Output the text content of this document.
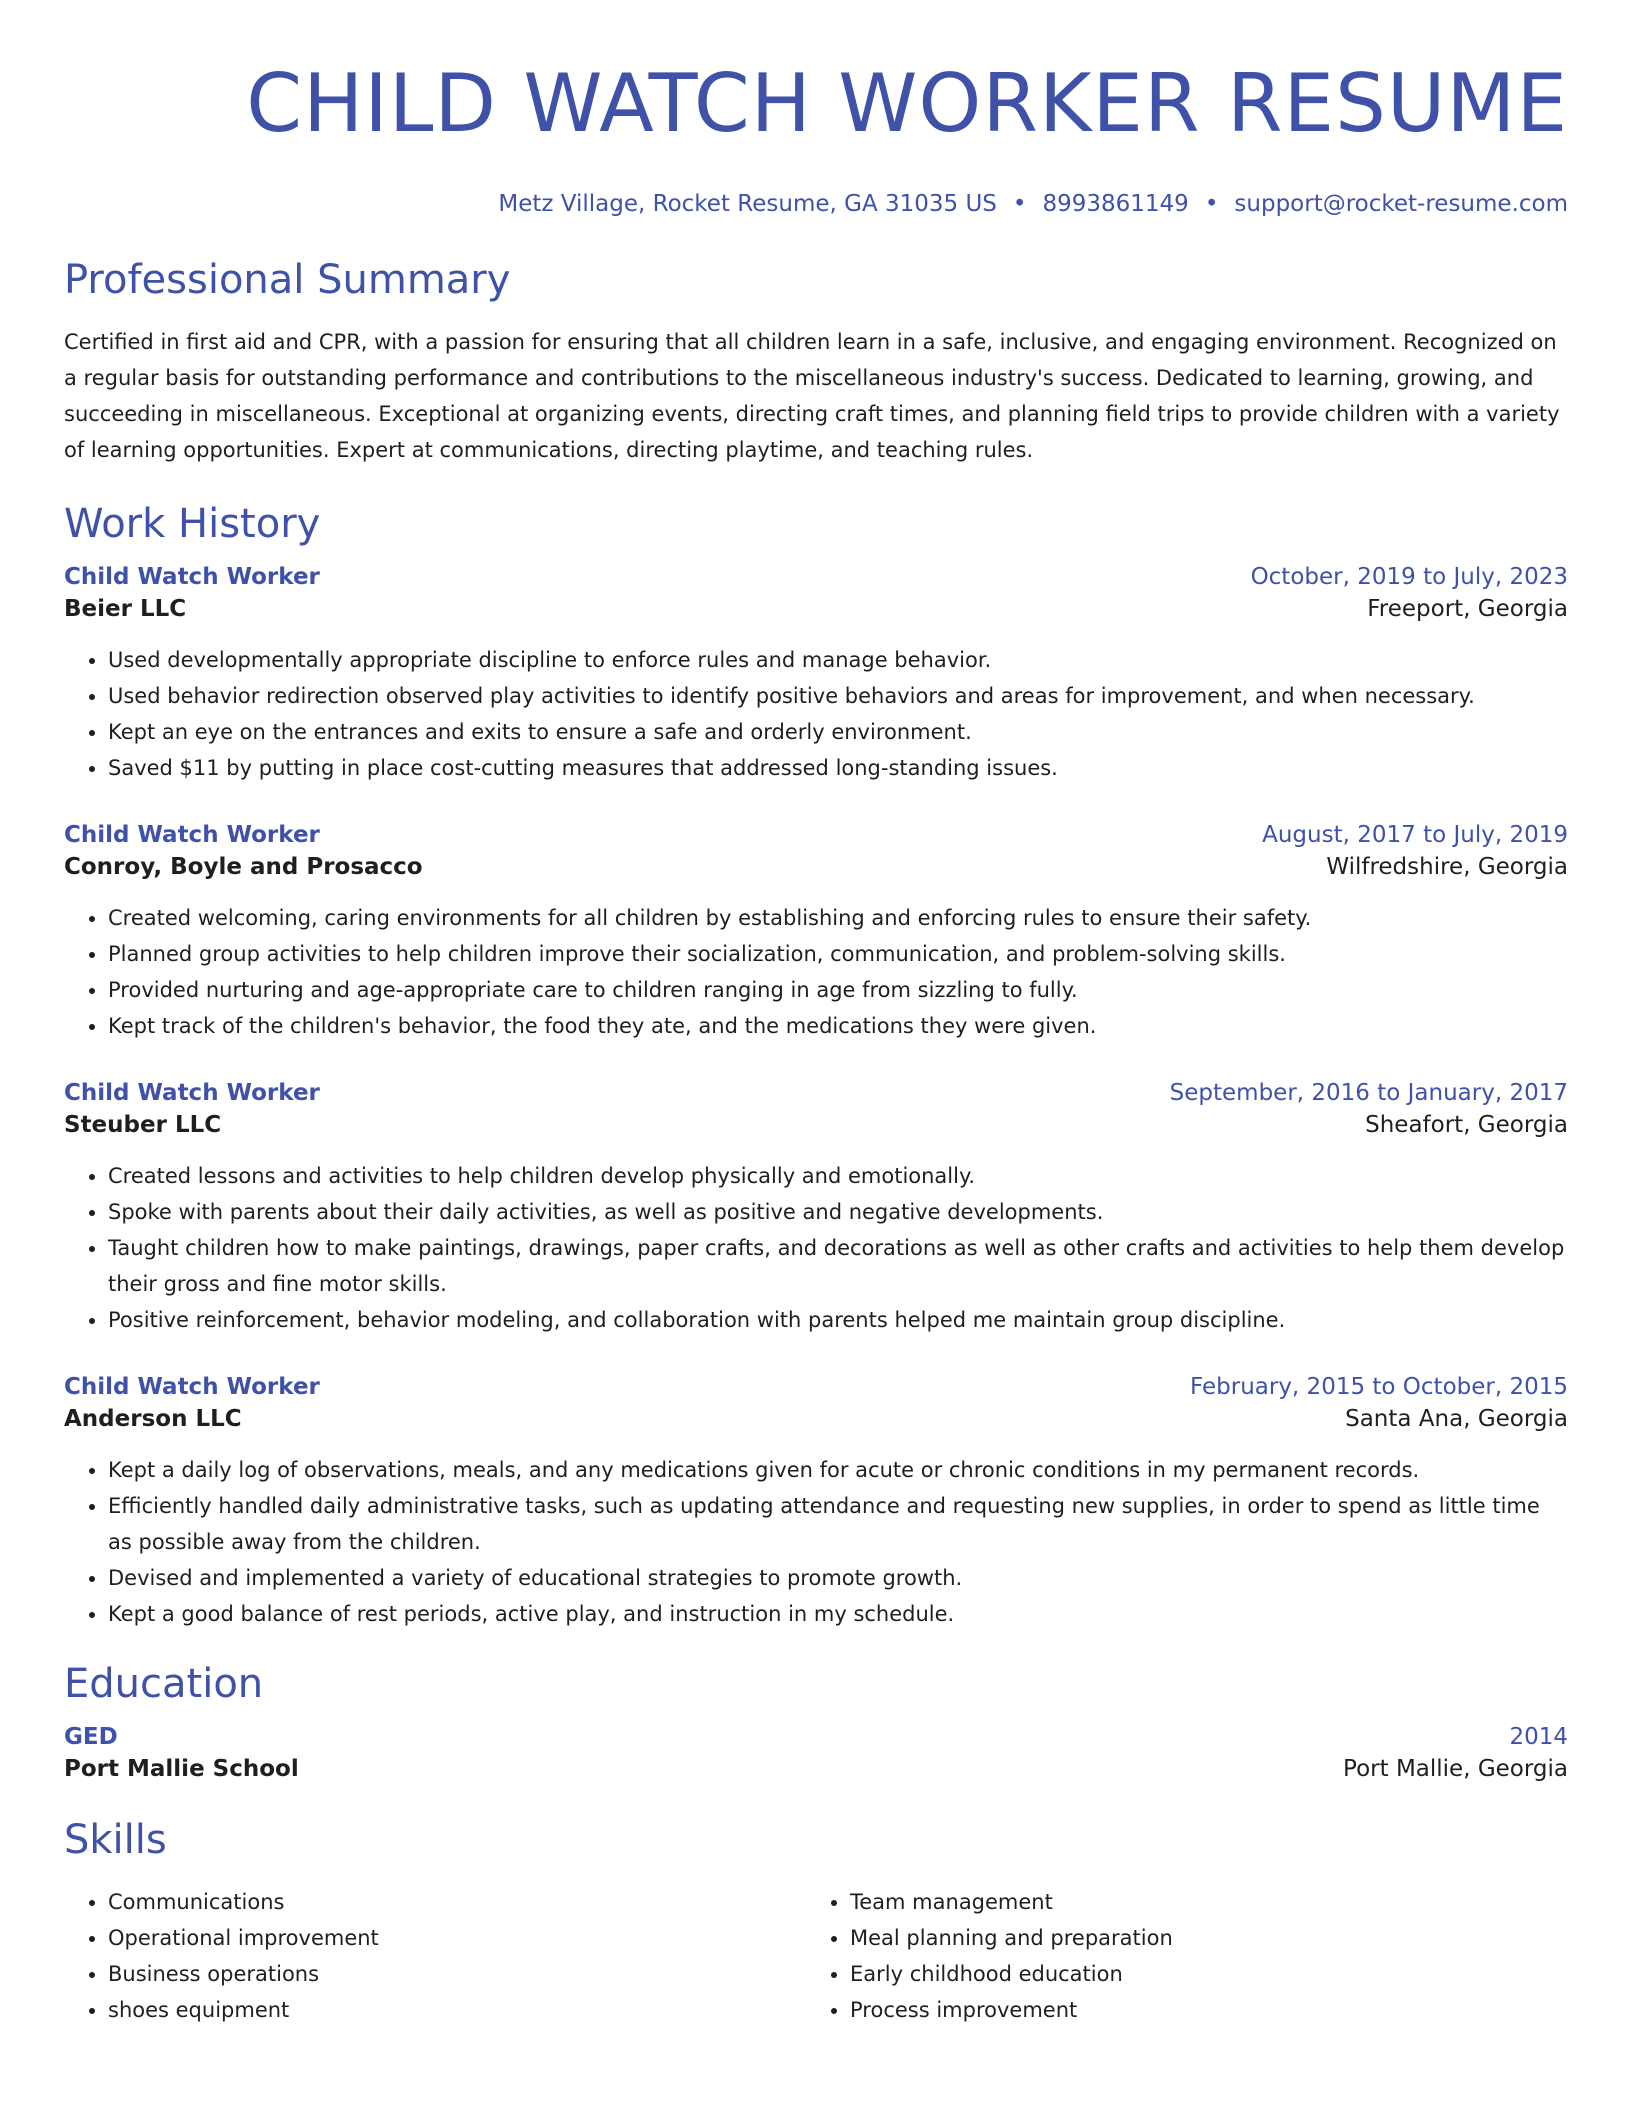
CHILD WATCH WORKER RESUME
Metz Village, Rocket Resume, GA 31035 US • 8993861149 • support@rocket-resume.com
Professional Summary
Certified in first aid and CPR, with a passion for ensuring that all children learn in a safe, inclusive, and engaging environment. Recognized on a regular basis for outstanding performance and contributions to the miscellaneous industry's success. Dedicated to learning, growing, and succeeding in miscellaneous. Exceptional at organizing events, directing craft times, and planning field trips to provide children with a variety of learning opportunities. Expert at communications, directing playtime, and teaching rules.
Work History
Child Watch Worker	October, 2019 to July, 2023
Beier LLC	Freeport, Georgia
• Used developmentally appropriate discipline to enforce rules and manage behavior.
• Used behavior redirection observed play activities to identify positive behaviors and areas for improvement, and when necessary.
• Kept an eye on the entrances and exits to ensure a safe and orderly environment.
• Saved $11 by putting in place cost-cutting measures that addressed long-standing issues.
Child Watch Worker	August, 2017 to July, 2019
Conroy, Boyle and Prosacco	Wilfredshire, Georgia
• Created welcoming, caring environments for all children by establishing and enforcing rules to ensure their safety.
• Planned group activities to help children improve their socialization, communication, and problem-solving skills.
• Provided nurturing and age-appropriate care to children ranging in age from sizzling to fully.
• Kept track of the children's behavior, the food they ate, and the medications they were given.
Child Watch Worker	September, 2016 to January, 2017
Steuber LLC	Sheafort, Georgia
• Created lessons and activities to help children develop physically and emotionally.
• Spoke with parents about their daily activities, as well as positive and negative developments.
• Taught children how to make paintings, drawings, paper crafts, and decorations as well as other crafts and activities to help them develop their gross and fine motor skills.
• Positive reinforcement, behavior modeling, and collaboration with parents helped me maintain group discipline.
Child Watch Worker	February, 2015 to October, 2015
Anderson LLC	Santa Ana, Georgia
• Kept a daily log of observations, meals, and any medications given for acute or chronic conditions in my permanent records.
• Efficiently handled daily administrative tasks, such as updating attendance and requesting new supplies, in order to spend as little time as possible away from the children.
• Devised and implemented a variety of educational strategies to promote growth.
• Kept a good balance of rest periods, active play, and instruction in my schedule.
Education
GED	2014
Port Mallie School	Port Mallie, Georgia
Skills
• Communications
• Operational improvement
• Business operations
• shoes equipment
• Team management
• Meal planning and preparation
• Early childhood education
• Process improvement
